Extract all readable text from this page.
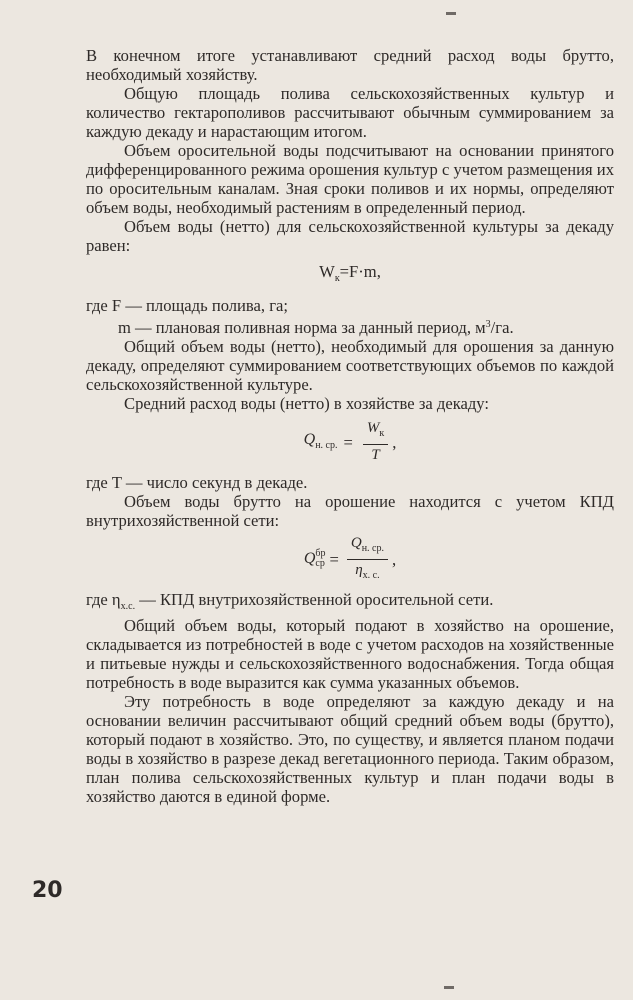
В конечном итоге устанавливают средний расход воды брутто, необходимый хозяйству.

Общую площадь полива сельскохозяйственных культур и количество гектарополивов рассчитывают обычным суммированием за каждую декаду и нарастающим итогом.

Объем оросительной воды подсчитывают на основании принятого дифференцированного режима орошения культур с учетом размещения их по оросительным каналам. Зная сроки поливов и их нормы, определяют объем воды, необходимый растениям в определенный период.

Объем воды (нетто) для сельскохозяйственной культуры за декаду равен:

$W_к=F\cdot m$,

где F — площадь полива, га;

m — плановая поливная норма за данный период, $м^3/га$.

Общий объем воды (нетто), необходимый для орошения за данную декаду, определяют суммированием соответствующих объемов по каждой сельскохозяйственной культуре.

Средний расход воды (нетто) в хозяйстве за декаду:

$Q_{н. ср.} = \frac{W_к}{T}$ ,

где T — число секунд в декаде.

Объем воды брутто на орошение находится с учетом КПД внутрихозяйственной сети:

Q бр
ср = $\frac{Q_{н. ср.}}{\eta_{х. с.}}$ ,

где $\eta_{х.с.}$ — КПД внутрихозяйственной оросительной сети.

Общий объем воды, который подают в хозяйство на орошение, складывается из потребностей в воде с учетом расходов на хозяйственные и питьевые нужды и сельскохозяйственного водоснабжения. Тогда общая потребность в воде выразится как сумма указанных объемов.

Эту потребность в воде определяют за каждую декаду и на основании величин рассчитывают общий средний объем воды (брутто), который подают в хозяйство. Это, по существу, и является планом подачи воды в хозяйство в разрезе декад вегетационного периода. Таким образом, план полива сельскохозяйственных культур и план подачи воды в хозяйство даются в единой форме.

20
